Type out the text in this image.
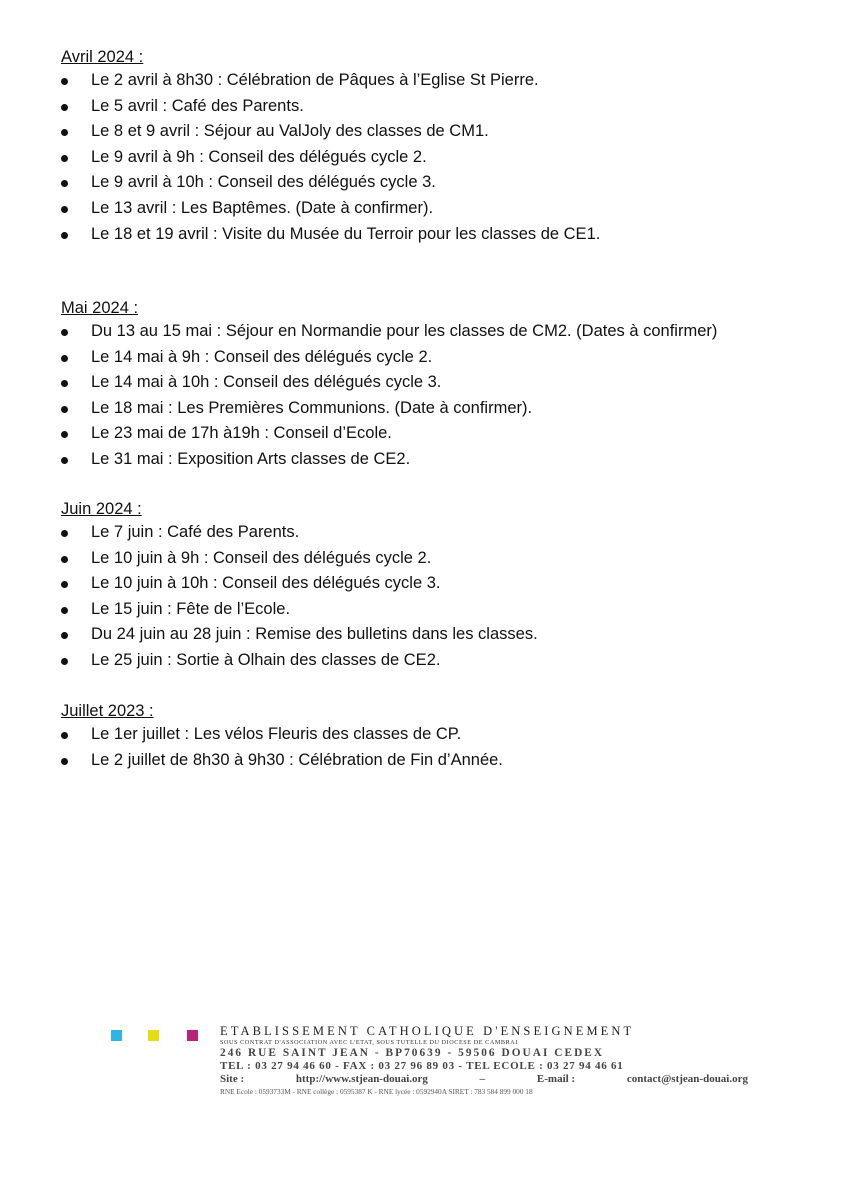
Avril 2024 :
Le 2 avril à 8h30 : Célébration de Pâques à l’Eglise St Pierre.
Le 5 avril : Café des Parents.
Le 8 et 9 avril : Séjour au ValJoly des classes de CM1.
Le 9 avril à 9h : Conseil des délégués cycle 2.
Le 9 avril à 10h : Conseil des délégués cycle 3.
Le 13 avril : Les Baptêmes. (Date à confirmer).
Le 18 et 19 avril : Visite du Musée du Terroir pour les classes de CE1.
Mai 2024 :
Du 13 au 15 mai : Séjour en Normandie pour les classes de CM2. (Dates à confirmer)
Le 14 mai à 9h : Conseil des délégués cycle 2.
Le 14 mai à 10h : Conseil des délégués cycle 3.
Le 18 mai : Les Premières Communions. (Date à confirmer).
Le 23 mai de 17h à19h : Conseil d’Ecole.
Le 31 mai : Exposition Arts classes de CE2.
Juin 2024 :
Le 7 juin : Café des Parents.
Le 10 juin à 9h : Conseil des délégués cycle 2.
Le 10 juin à 10h : Conseil des délégués cycle 3.
Le 15 juin : Fête de l’Ecole.
Du 24 juin au 28 juin : Remise des bulletins dans les classes.
Le 25 juin : Sortie à Olhain des classes de CE2.
Juillet 2023 :
Le 1er juillet : Les vélos Fleuris des classes de CP.
Le 2 juillet de 8h30 à 9h30 : Célébration de Fin d’Année.
ETABLISSEMENT CATHOLIQUE D'ENSEIGNEMENT
SOUS CONTRAT D'ASSOCIATION AVEC L'ETAT, SOUS TUTELLE DU DIOCESE DE CAMBRAI
246 RUE SAINT JEAN - BP70639 - 59506 DOUAI CEDEX
TEL : 03 27 94 46 60 - FAX : 03 27 96 89 03 - TEL ECOLE : 03 27 94 46 61
Site :	http://www.stjean-douai.org	–	E-mail :	contact@stjean-douai.org
RNE Ecole : 0593733M - RNE collège : 0595387 K - RNE lycée : 0592940A SIRET : 783 584 899 000 18
